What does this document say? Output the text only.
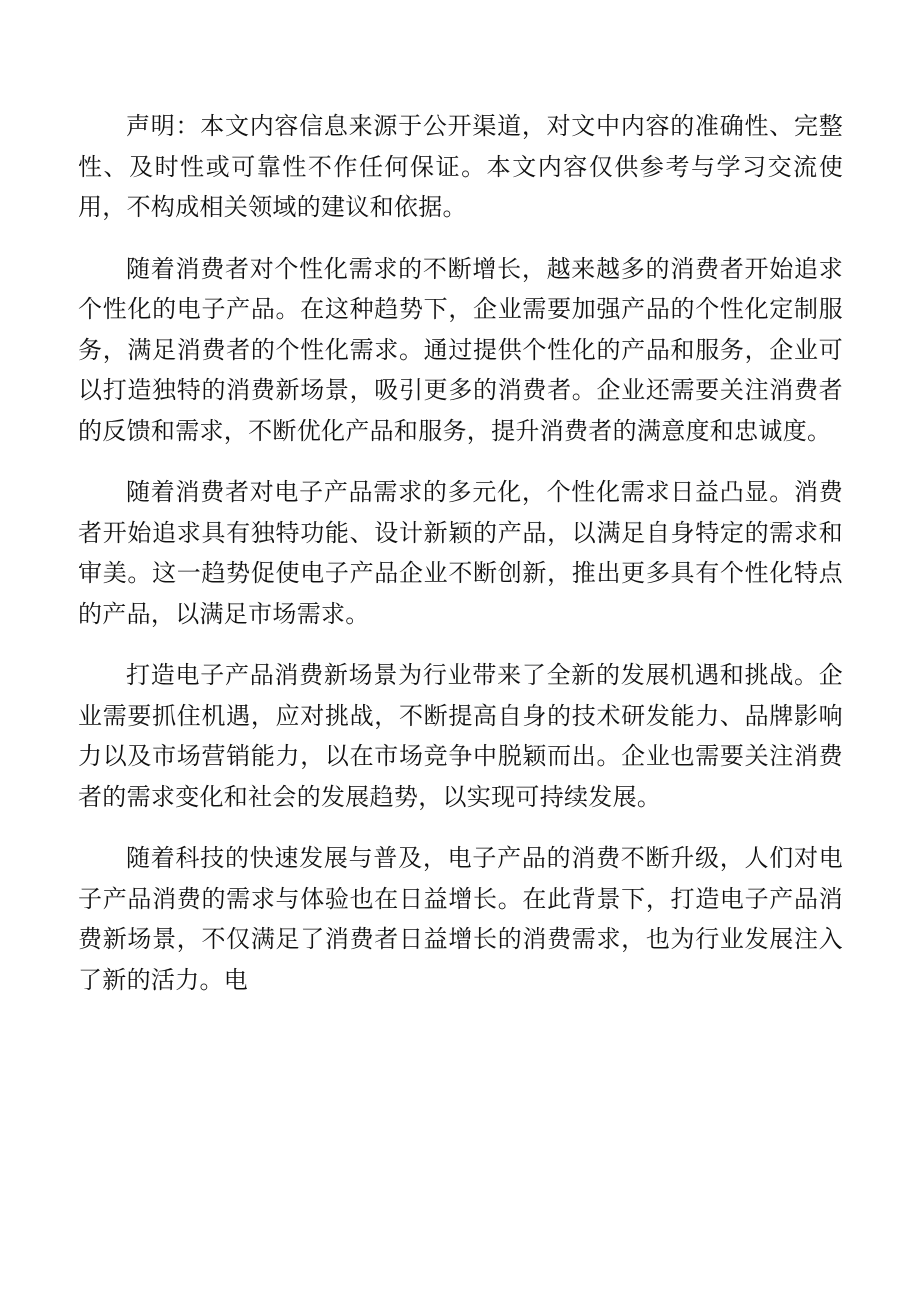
声明：本文内容信息来源于公开渠道，对文中内容的准确性、完整性、及时性或可靠性不作任何保证。本文内容仅供参考与学习交流使用，不构成相关领域的建议和依据。

随着消费者对个性化需求的不断增长，越来越多的消费者开始追求个性化的电子产品。在这种趋势下，企业需要加强产品的个性化定制服务，满足消费者的个性化需求。通过提供个性化的产品和服务，企业可以打造独特的消费新场景，吸引更多的消费者。企业还需要关注消费者的反馈和需求，不断优化产品和服务，提升消费者的满意度和忠诚度。

随着消费者对电子产品需求的多元化，个性化需求日益凸显。消费者开始追求具有独特功能、设计新颖的产品，以满足自身特定的需求和审美。这一趋势促使电子产品企业不断创新，推出更多具有个性化特点的产品，以满足市场需求。

打造电子产品消费新场景为行业带来了全新的发展机遇和挑战。企业需要抓住机遇，应对挑战，不断提高自身的技术研发能力、品牌影响力以及市场营销能力，以在市场竞争中脱颖而出。企业也需要关注消费者的需求变化和社会的发展趋势，以实现可持续发展。

随着科技的快速发展与普及，电子产品的消费不断升级，人们对电子产品消费的需求与体验也在日益增长。在此背景下，打造电子产品消费新场景，不仅满足了消费者日益增长的消费需求，也为行业发展注入了新的活力。电
